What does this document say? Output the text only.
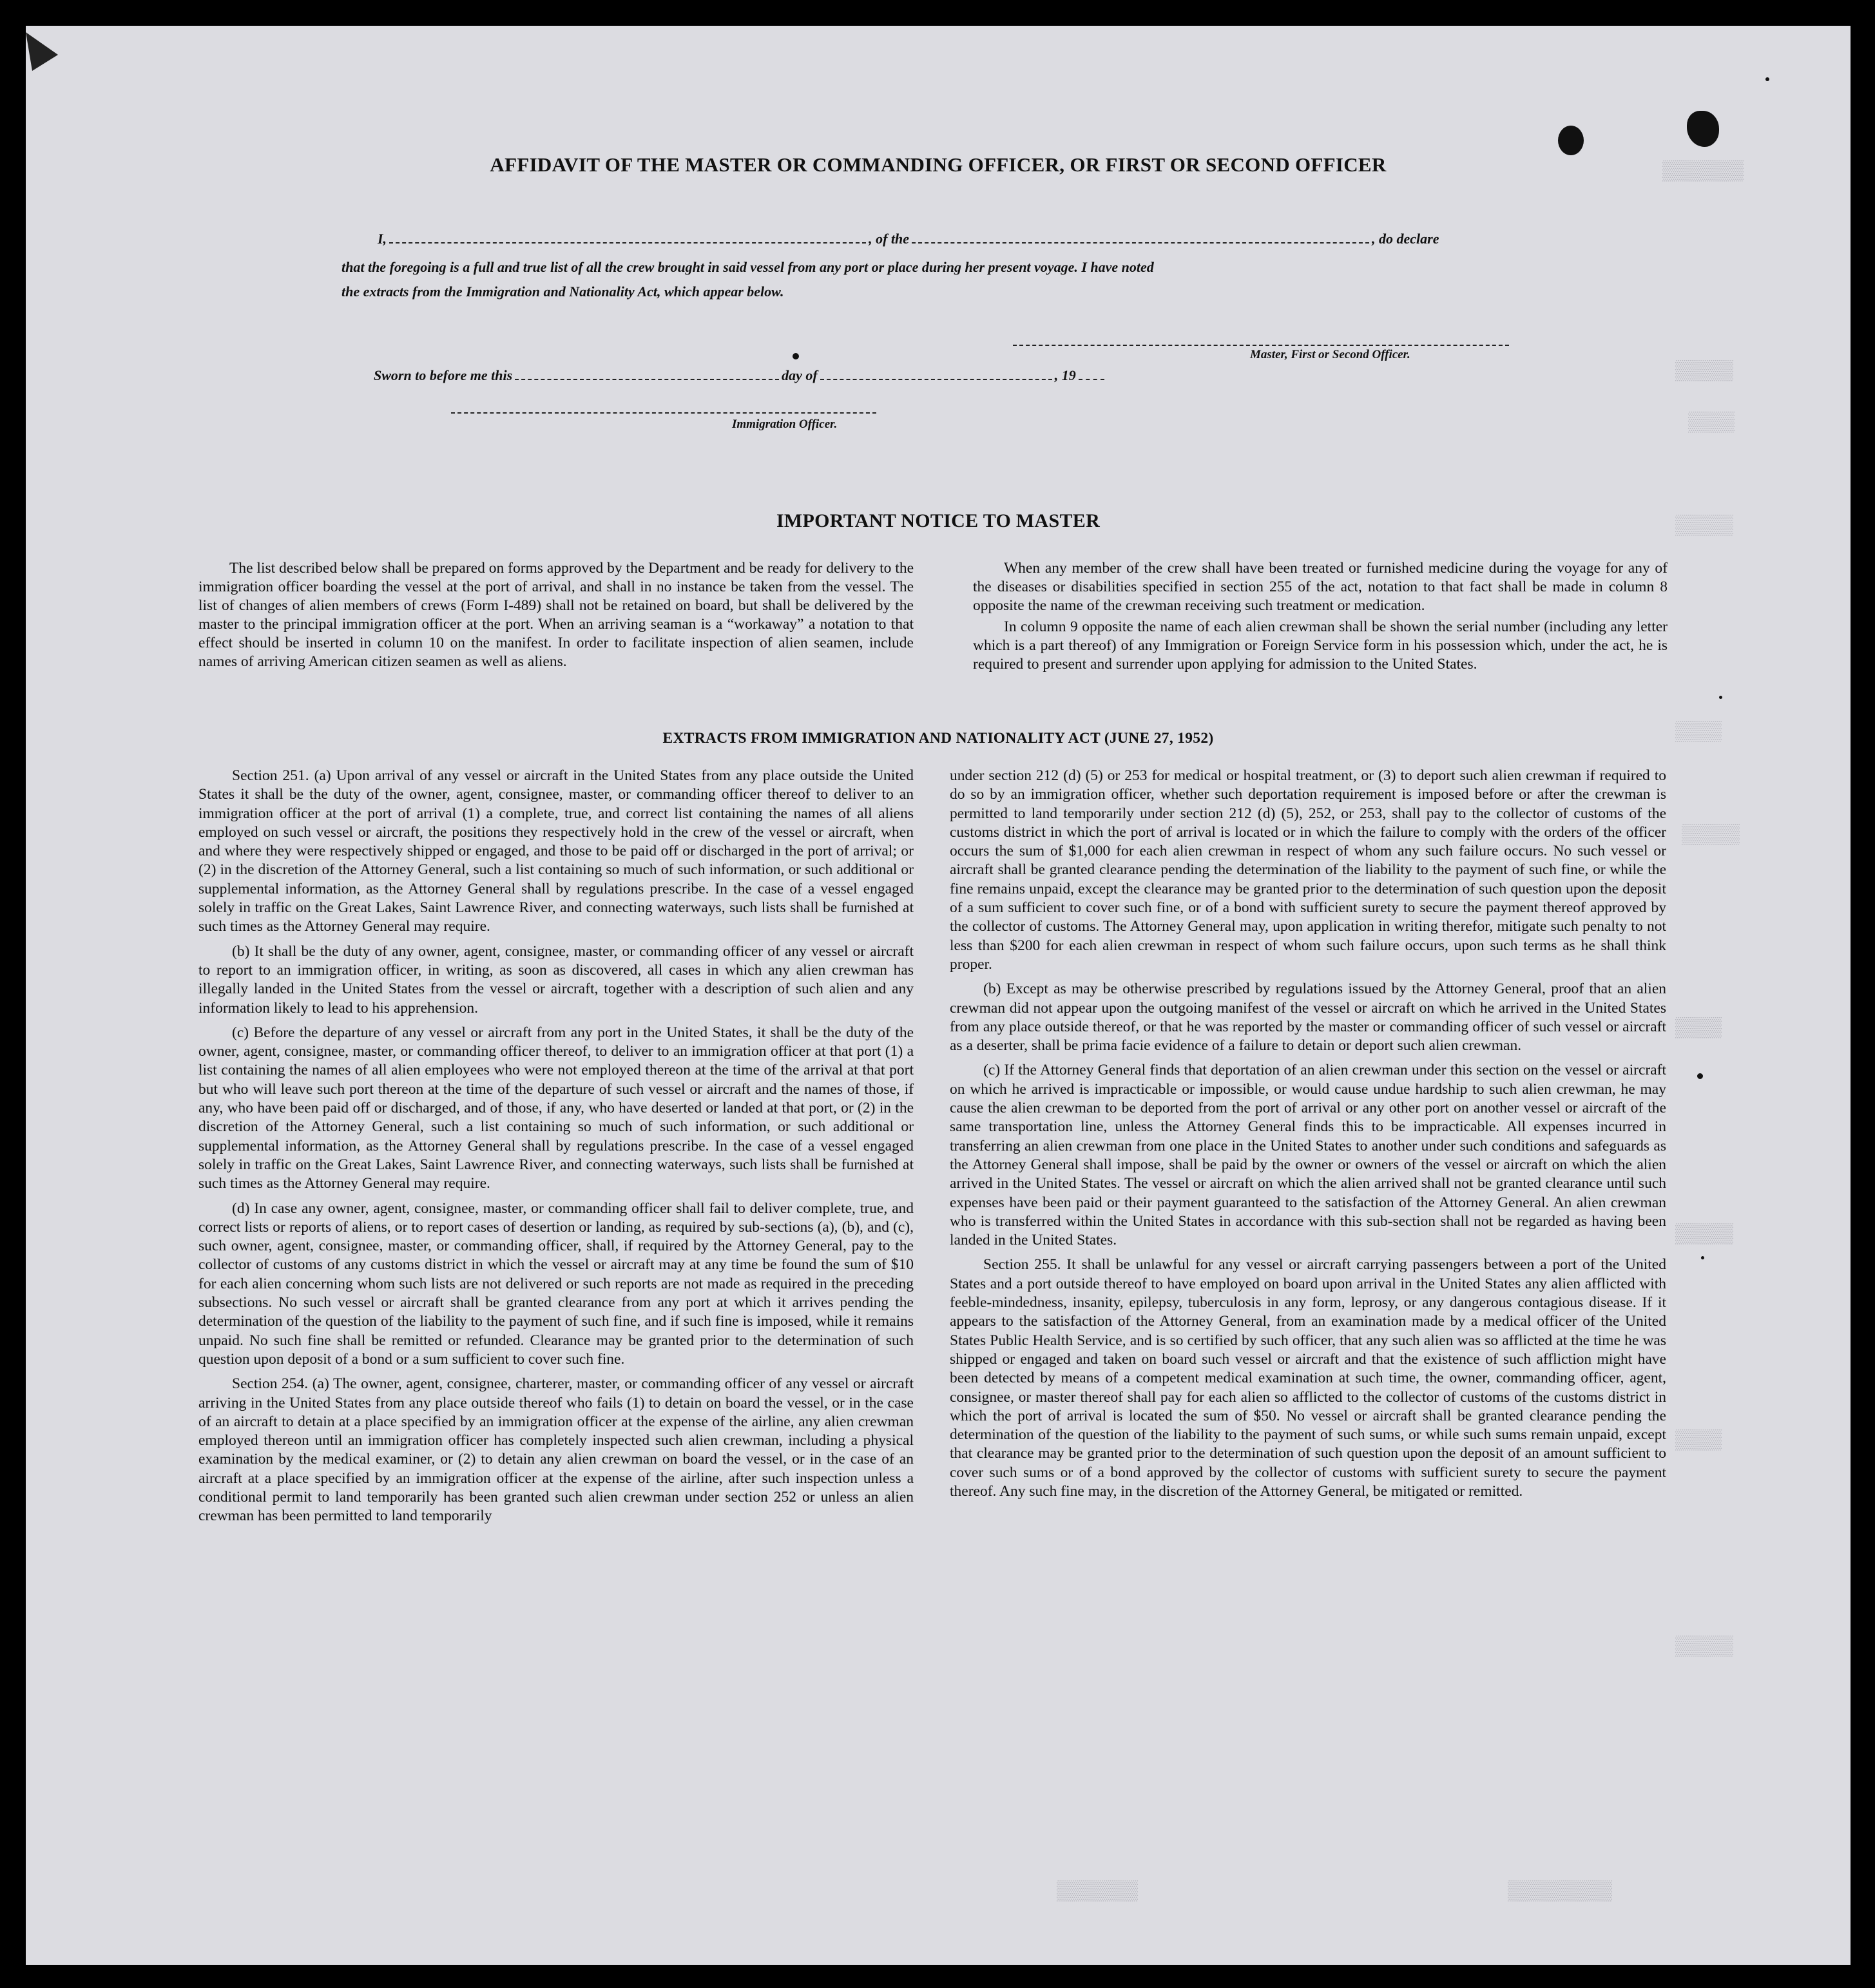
▒▒▒▒▒▒▒
▒▒▒▒▒
▒▒▒▒
▒▒▒▒▒
▒▒▒▒
▒▒▒▒▒
▒▒▒▒
▒▒▒▒▒
▒▒▒▒
▒▒▒▒▒
▒▒▒▒▒▒▒▒▒
▒▒▒▒▒▒▒
AFFIDAVIT OF THE MASTER OR COMMANDING OFFICER, OR FIRST OR SECOND OFFICER
I,	, of the	, do declare
that the foregoing is a full and true list of all the crew brought in said vessel from any port or place during her present voyage. I have noted
the extracts from the Immigration and Nationality Act, which appear below.
Master, First or Second Officer.
Sworn to before me this	day of	, 19
Immigration Officer.
IMPORTANT NOTICE TO MASTER

The list described below shall be prepared on forms approved by the Department and be ready for delivery to the immigration officer boarding the vessel at the port of arrival, and shall in no instance be taken from the vessel. The list of changes of alien members of crews (Form I-489) shall not be retained on board, but shall be delivered by the master to the principal immigration officer at the port. When an arriving seaman is a “workaway” a notation to that effect should be inserted in column 10 on the manifest. In order to facilitate inspection of alien seamen, include names of arriving American citizen seamen as well as aliens.

When any member of the crew shall have been treated or furnished medicine during the voyage for any of the diseases or disabilities specified in section 255 of the act, notation to that fact shall be made in column 8 opposite the name of the crewman receiving such treatment or medication.

In column 9 opposite the name of each alien crewman shall be shown the serial number (including any letter which is a part thereof) of any Immigration or Foreign Service form in his possession which, under the act, he is required to present and surrender upon applying for admission to the United States.

EXTRACTS FROM IMMIGRATION AND NATIONALITY ACT (JUNE 27, 1952)

Section 251. (a) Upon arrival of any vessel or aircraft in the United States from any place outside the United States it shall be the duty of the owner, agent, consignee, master, or commanding officer thereof to deliver to an immigration officer at the port of arrival (1) a complete, true, and correct list containing the names of all aliens employed on such vessel or aircraft, the positions they respectively hold in the crew of the vessel or aircraft, when and where they were respectively shipped or engaged, and those to be paid off or discharged in the port of arrival; or (2) in the discretion of the Attorney General, such a list containing so much of such information, or such additional or supplemental information, as the Attorney General shall by regulations prescribe. In the case of a vessel engaged solely in traffic on the Great Lakes, Saint Lawrence River, and connecting waterways, such lists shall be furnished at such times as the Attorney General may require.

(b) It shall be the duty of any owner, agent, consignee, master, or commanding officer of any vessel or aircraft to report to an immigration officer, in writing, as soon as discovered, all cases in which any alien crewman has illegally landed in the United States from the vessel or aircraft, together with a description of such alien and any information likely to lead to his apprehension.

(c) Before the departure of any vessel or aircraft from any port in the United States, it shall be the duty of the owner, agent, consignee, master, or commanding officer thereof, to deliver to an immigration officer at that port (1) a list containing the names of all alien employees who were not employed thereon at the time of the arrival at that port but who will leave such port thereon at the time of the departure of such vessel or aircraft and the names of those, if any, who have been paid off or discharged, and of those, if any, who have deserted or landed at that port, or (2) in the discretion of the Attorney General, such a list containing so much of such information, or such additional or supplemental information, as the Attorney General shall by regulations prescribe. In the case of a vessel engaged solely in traffic on the Great Lakes, Saint Lawrence River, and connecting waterways, such lists shall be furnished at such times as the Attorney General may require.

(d) In case any owner, agent, consignee, master, or commanding officer shall fail to deliver complete, true, and correct lists or reports of aliens, or to report cases of desertion or landing, as required by sub-sections (a), (b), and (c), such owner, agent, consignee, master, or commanding officer, shall, if required by the Attorney General, pay to the collector of customs of any customs district in which the vessel or aircraft may at any time be found the sum of $10 for each alien concerning whom such lists are not delivered or such reports are not made as required in the preceding subsections. No such vessel or aircraft shall be granted clearance from any port at which it arrives pending the determination of the question of the liability to the payment of such fine, and if such fine is imposed, while it remains unpaid. No such fine shall be remitted or refunded. Clearance may be granted prior to the determination of such question upon deposit of a bond or a sum sufficient to cover such fine.

Section 254. (a) The owner, agent, consignee, charterer, master, or commanding officer of any vessel or aircraft arriving in the United States from any place outside thereof who fails (1) to detain on board the vessel, or in the case of an aircraft to detain at a place specified by an immigration officer at the expense of the airline, any alien crewman employed thereon until an immigration officer has completely inspected such alien crewman, including a physical examination by the medical examiner, or (2) to detain any alien crewman on board the vessel, or in the case of an aircraft at a place specified by an immigration officer at the expense of the airline, after such inspection unless a conditional permit to land temporarily has been granted such alien crewman under section 252 or unless an alien crewman has been permitted to land temporarily

under section 212 (d) (5) or 253 for medical or hospital treatment, or (3) to deport such alien crewman if required to do so by an immigration officer, whether such deportation requirement is imposed before or after the crewman is permitted to land temporarily under section 212 (d) (5), 252, or 253, shall pay to the collector of customs of the customs district in which the port of arrival is located or in which the failure to comply with the orders of the officer occurs the sum of $1,000 for each alien crewman in respect of whom any such failure occurs. No such vessel or aircraft shall be granted clearance pending the determination of the liability to the payment of such fine, or while the fine remains unpaid, except the clearance may be granted prior to the determination of such question upon the deposit of a sum sufficient to cover such fine, or of a bond with sufficient surety to secure the payment thereof approved by the collector of customs. The Attorney General may, upon application in writing therefor, mitigate such penalty to not less than $200 for each alien crewman in respect of whom such failure occurs, upon such terms as he shall think proper.

(b) Except as may be otherwise prescribed by regulations issued by the Attorney General, proof that an alien crewman did not appear upon the outgoing manifest of the vessel or aircraft on which he arrived in the United States from any place outside thereof, or that he was reported by the master or commanding officer of such vessel or aircraft as a deserter, shall be prima facie evidence of a failure to detain or deport such alien crewman.

(c) If the Attorney General finds that deportation of an alien crewman under this section on the vessel or aircraft on which he arrived is impracticable or impossible, or would cause undue hardship to such alien crewman, he may cause the alien crewman to be deported from the port of arrival or any other port on another vessel or aircraft of the same transportation line, unless the Attorney General finds this to be impracticable. All expenses incurred in transferring an alien crewman from one place in the United States to another under such conditions and safeguards as the Attorney General shall impose, shall be paid by the owner or owners of the vessel or aircraft on which the alien arrived in the United States. The vessel or aircraft on which the alien arrived shall not be granted clearance until such expenses have been paid or their payment guaranteed to the satisfaction of the Attorney General. An alien crewman who is transferred within the United States in accordance with this sub-section shall not be regarded as having been landed in the United States.

Section 255. It shall be unlawful for any vessel or aircraft carrying passengers between a port of the United States and a port outside thereof to have employed on board upon arrival in the United States any alien afflicted with feeble-mindedness, insanity, epilepsy, tuberculosis in any form, leprosy, or any dangerous contagious disease. If it appears to the satisfaction of the Attorney General, from an examination made by a medical officer of the United States Public Health Service, and is so certified by such officer, that any such alien was so afflicted at the time he was shipped or engaged and taken on board such vessel or aircraft and that the existence of such affliction might have been detected by means of a competent medical examination at such time, the owner, commanding officer, agent, consignee, or master thereof shall pay for each alien so afflicted to the collector of customs of the customs district in which the port of arrival is located the sum of $50. No vessel or aircraft shall be granted clearance pending the determination of the question of the liability to the payment of such sums, or while such sums remain unpaid, except that clearance may be granted prior to the determination of such question upon the deposit of an amount sufficient to cover such sums or of a bond approved by the collector of customs with sufficient surety to secure the payment thereof. Any such fine may, in the discretion of the Attorney General, be mitigated or remitted.
